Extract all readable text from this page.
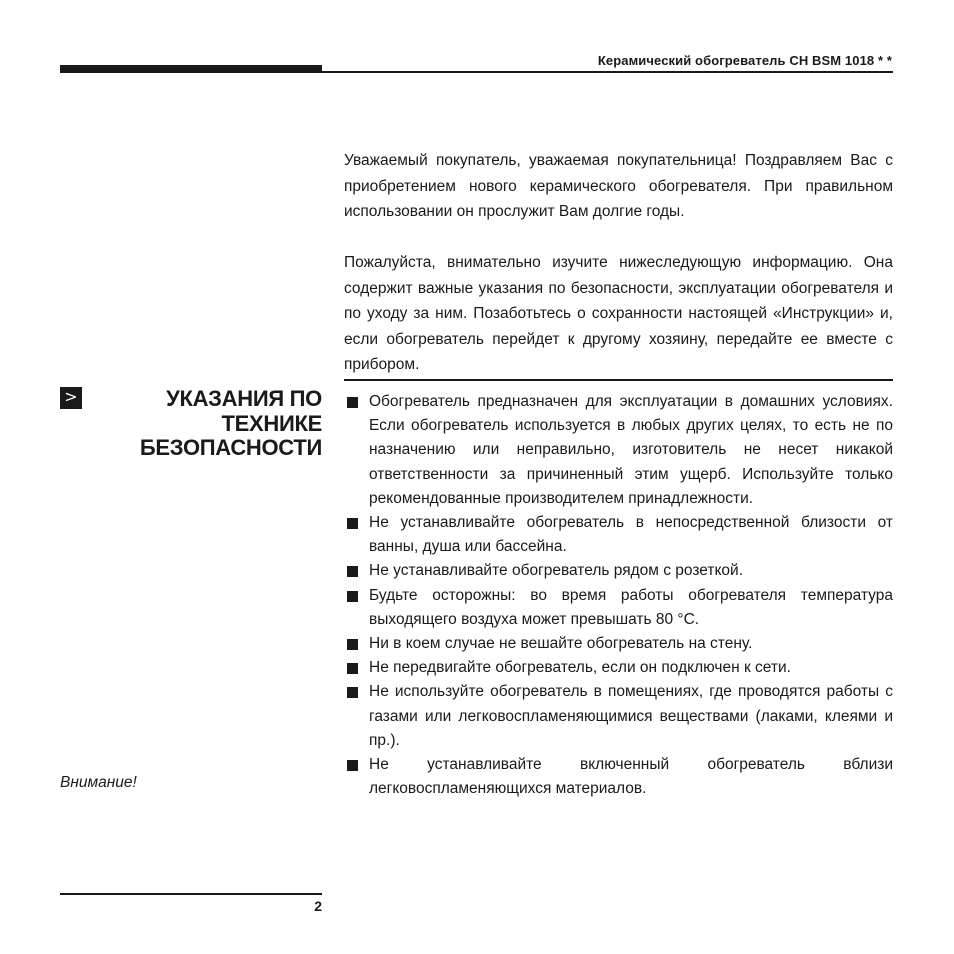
Керамический обогреватель CH BSM 1018 * *

Уважаемый покупатель, уважаемая покупательница! Поздравляем Вас с приобретением нового керамического обогревателя. При правильном использовании он прослужит Вам долгие годы.

Пожалуйста, внимательно изучите нижеследующую информацию. Она содержит важные указания по безопасности, эксплуатации обогревателя и по уходу за ним. Позаботьтесь о сохранности настоящей «Инструкции» и, если обогреватель перейдет к другому хозяину, передайте ее вместе с прибором.

>	УКАЗАНИЯ ПО
ТЕХНИКЕ
БЕЗОПАСНОСТИ
Обогреватель предназначен для эксплуатации в домашних условиях. Если обогреватель используется в любых других целях, то есть не по назначению или неправильно, изготовитель не несет никакой ответственности за причиненный этим ущерб. Используйте только рекомендованные производителем принадлежности.
Не устанавливайте обогреватель в непосредственной близости от ванны, душа или бассейна.
Не устанавливайте обогреватель рядом с розеткой.
Будьте осторожны: во время работы обогревателя температура выходящего воздуха может превышать 80 °С.
Ни в коем случае не вешайте обогреватель на стену.
Не передвигайте обогреватель, если он подключен к сети.
Не используйте обогреватель в помещениях, где проводятся работы с газами или легковоспламеняющимися веществами (лаками, клеями и пр.).
Не устанавливайте включенный обогреватель вблизи легковоспламеняющихся материалов.
Внимание!
2
